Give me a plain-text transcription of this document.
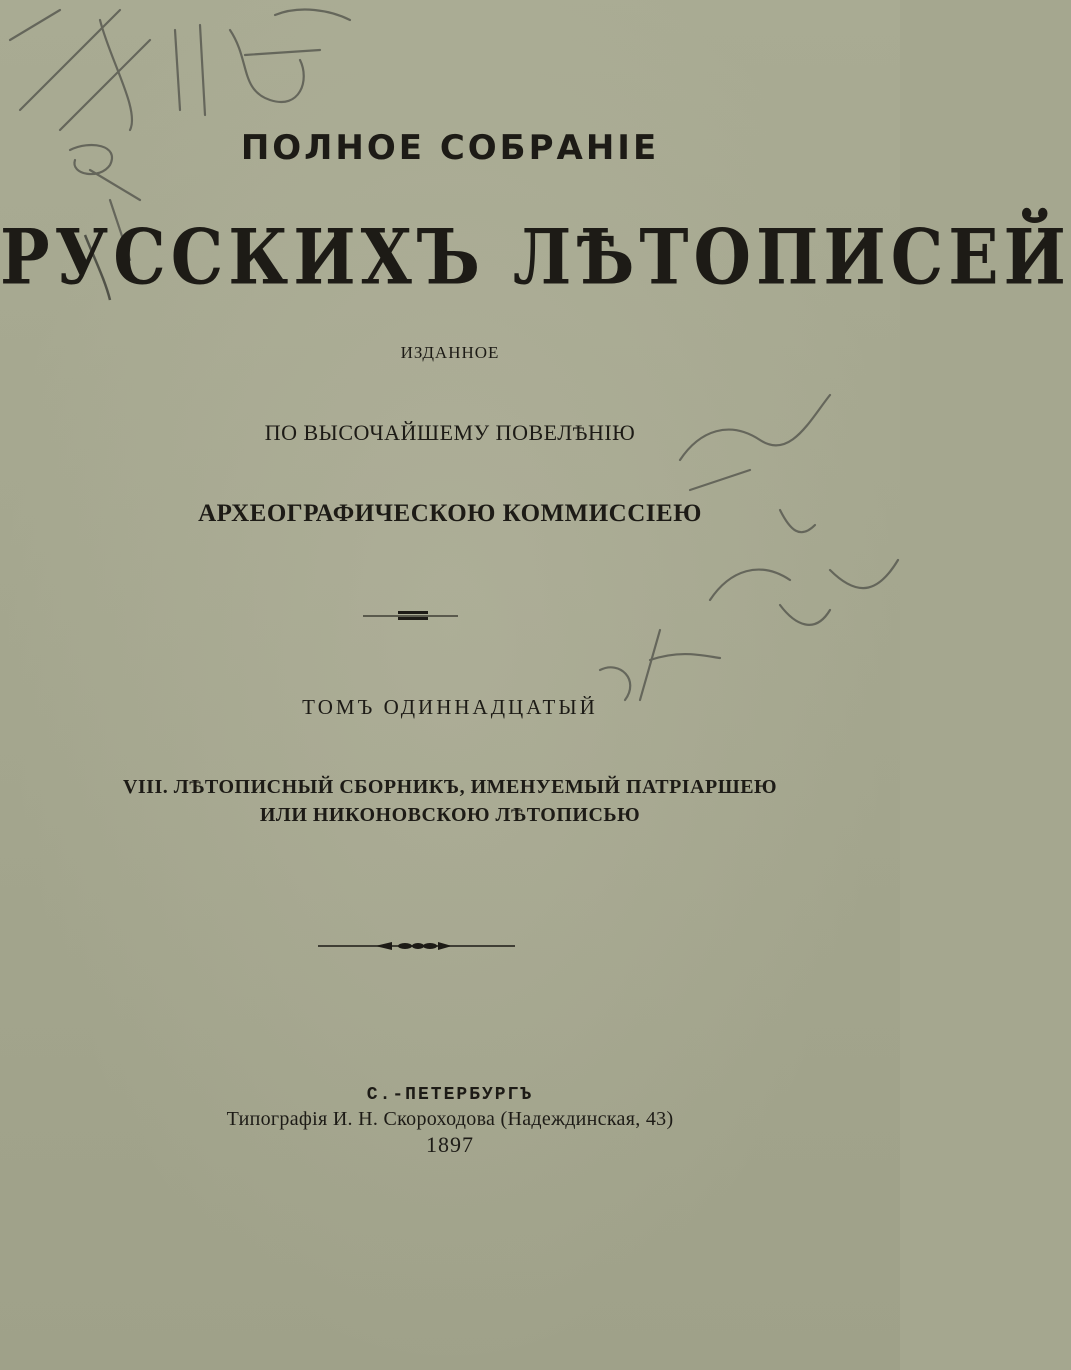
ПОЛНОЕ СОБРАНІЕ
РУССКИХЪ ЛѢТОПИСЕЙ
ИЗДАННОЕ
ПО ВЫСОЧАЙШЕМУ ПОВЕЛѢНІЮ
АРХЕОГРАФИЧЕСКОЮ КОММИССІЕЮ
ТОМЪ ОДИННАДЦАТЫЙ
VIII. ЛѢТОПИСНЫЙ СБОРНИКЪ, ИМЕНУЕМЫЙ ПАТРІАРШЕЮ
ИЛИ НИКОНОВСКОЮ ЛѢТОПИСЬЮ
С.-ПЕТЕРБУРГЪ
Типографія И. Н. Скороходова (Надеждинская, 43)
1897
